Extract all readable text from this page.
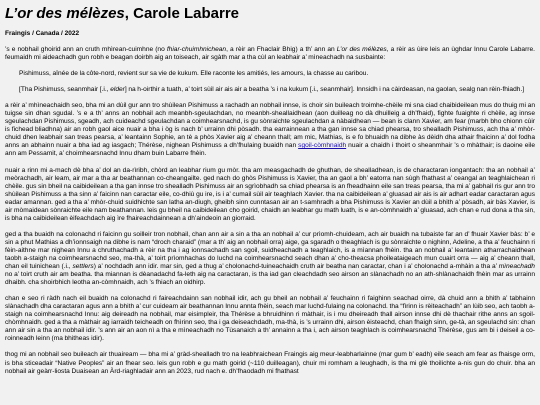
L’or des mélèzes, Carole Labarre
Fraingis / Canada / 2022

’s e nobhail ghoirid ann an cruth mhìrean-cuimhne (no fhiar-chuimhnichean, a rèir an Fhaclair Bhig) a th’ ann an L’or des mélèzes, a rèir as ùire leis an ùghdar Innu Carole Labarre. feumaidh mi aideachadh gun robh e beagan doirbh aig an toiseach, air sgàth mar a tha cùl an leabhair a’ mìneachadh na susbainte:

Pishimuss, aînée de la côte-nord, revient sur sa vie de kukum. Elle raconte les amitiés, les amours, la chasse au caribou.

[Tha Pishimuss, seanmhair [.i., elder] na h-oirthir a tuath, a’ toirt sùil air ais air a beatha ’s i na kukum [.i., seanmhair]. Innsidh i na càirdeasan, na gaolan, sealg nan rèin-fhiadh.]

a rèir a’ mhìneachaidh seo, bha mi an dùil gur ann tro shùilean Pishimuss a rachadh an nobhail innse, is choir sin buileach troimhe-chèile mi sna ciad chaibideilean mus do thuig mi an tuigse sin dhan sgudal. ’s e a th’ anns an nobhail ach meanbh-sgeulachdan, no meanbh-sheallaidhean (aon duilleag no dà dhuilleig a dh’fhaid), fighte fuaighte ri chèile, ag innse sgeulachdan Pishimuss, sgeadh, ach cuideachd sgeulachdan a coimhearsnachd, is gu sònraichte sgeulachdan a nàbaidhean — bean is clann Xavier, am fear (marbh bho chionn cùir is fichead bliadhna) air an robh gaol aice nuair a bha i òg is nach b’ urrainn dhi pòsadh. tha earrainnean a tha gan innse sa chiad phearsa, tro shealladh Pishimuss, ach tha a’ mhòr-chuid dhen leabhair san treas pearsa, a’ leantainn Sophie, an tè a phòs Xavier aig a’ cheann thall; am mic, Mathias, is e fo bhuaidh na dibhe às dèidh dha athair fhaicinn a’ dol fodha anns an abhainn nuair a bha iad ag iasgach; Thérèse, nighean Pishimuss a dh’fhulaing buaidh nan sgoil-còmhnaidh nuair a chaidh i thoirt o sheanmhair ’s o mhàthair; is daoine eile ann am Pessamit, a’ choimhearsnachd Innu dham buin Labarre fhèin.

nuair a rinn mi a-mach dè bha a’ dol an da-rìribh, chòrd an leabhar rium gu mòr. tha am measgachadh de ghuthan, de shealladhean, is de charactaran iongantach: tha an nobhail a’ meòrachadh, air leam, air mar a tha ar beathannan co-cheangailte. ged nach do ghòs Pishimuss is Xavier, tha an gaol a bh’ eatorra nan sùgh fhathast a’ ceangal an teaghlaichean ri chèile. gus sin bheil na caibideilean a tha gan innse tro shealladh Pishimuss air an sgrìobhadh sa chiad phearsa is an fheadhainn eile san treas pearsa, tha mi a’ gabhail ris gur ann tro shùilean Pishimuss a tha sinn a’ faicinn nan caractar eile, co-dhiù gu ire, is i a’ cumail sùil air teaghlach Xavier. tha na caibideilean a’ gluasad air ais is air adhart eadar caractaran agus eadar amannan. ged a tha a’ mhòr-chuid suidhichte san latha an-diugh, gheibh sinn cunntasan air an t-samhradh a bha Pishimuss is Xavier an dùil a bhith a’ pòsadh, air bàs Xavier, is air mòmaidean sònraichte eile nam beathannan. leis gu bheil na caibideilean cho goirid, chaidh an leabhar gu math luath, is e an-còmhnaidh a’ gluasad, ach chan e rud dona a tha sin, is bha na caibideilean èifeachdach aig ìre fhaireachdainnean a dh’aindeoin an giorraid.

ged a tha buaidh na colonachd ri faicinn gu soilleir tron nobhail, chan ann air a sin a tha an nobhail a’ cur prìomh-chuideam, ach air buaidh na tubaiste far an d’ fhuair Xavier bàs: b’ e sin a phut Mathias a dh’ionnsaigh na dibhe is nam “droch charaid” (mar a th’ aig an nobhail orra) aige, ga sgaradh o theaghlach is gu sònraichte o nighinn, Adeline, a tha a’ feuchainn ri fèin-aithne mar nighean Innu a chruthachadh a rèir na tha i ag ionnsachadh san sgoil, suidheachadh a teaghlaich, is a mìannan fhèin. tha an nobhail a’ leantainn atharrachaidhean taobh a-staigh na coimhearsnachd seo, ma-thà, a’ toirt prìomhachas do luchd na coimhearsnachd seach dhan a’ cho-theacsa phoileataigeach mun cuairt orra — aig a’ cheann thall, chan eil tuinichean (.i., settlers) a’ nochdadh ann idir. mar sin, ged a thug a’ cholonachd-tuineachaidh cruth air beatha nan caractar, chan i a’ cholonachd a-mhàin a tha a’ mìneachadh no a’ toirt cruth air am beatha. tha miannan is dèanadachd fa-leth aig na caractaran, is tha iad gan cleachdadh seo airson an slànachadh no an ath-shlànachaidh fhèin mar as urrainn dhaibh. cha shoirbhich leotha an-còmhnaidh, ach ’s fhiach an oidhirp.

chan e seo ri ràdh nach eil buaidh na colonachd ri faireachdainn san nobhail idir, ach gu bheil an nobhail a’ feuchainn ri faighinn seachad oirre, dà chuid ann a bhith a’ tabhainn slànachadh dha caractaran agus ann a bhith a’ cur cuideam air beathannan Innu annta fhèin, seach mar luchd-fulaing na colonachd. tha “fìrinn is rèiteachadh” an lùib seo, ach taobh a-staigh na coimhearsnachd Innu: aig deireadh na nobhail, mar eisimpleir, tha Thérèse a bhruidhinn ri màthair, is i mu dheireadh thall airson innse dhi dè thachair rithe anns an sgoil-chòmhnaidh. ged a tha a màthair ag iarraidh teicheadh on fhìrinn seo, tha i ga deiseachdadh, ma-thà, is ’s urrainn dhi, airson èisteachd, chan fhaigh sinn, ge-tà, an sgeulachd sin: chan ann air sin a tha an nobhail idir. ’s ann air an aon nì a tha e mìneachadh no Tùsanaich a th’ annainn a tha i, ach airson teaghlach is coimhearsnachd Thérèse, gus am bi i deiseil a co-roinneadh leinn (ma bhitheas idir).

thog mi an nobhail seo buileach air thuaiream — bha mi a’ gràd-shealladh tro na leabhraichean Fraingis aig meur-leabharlainne (mar gum b’ eadh) eile seach am fear as fhaisge orm, is bha sticeadair “Native Peoples” air an fhear seo. leis gun robh e gu math goirid (~110 duilleagan), chuir mi romham a leughadh, is tha mi glè thoilichte a-nis gun do chuir. bha an nobhail air geàrr-liosta Duaisean an Àrd-riaghladair ann an 2023, rud nach e. dh’fhaodadh mi fhathast
